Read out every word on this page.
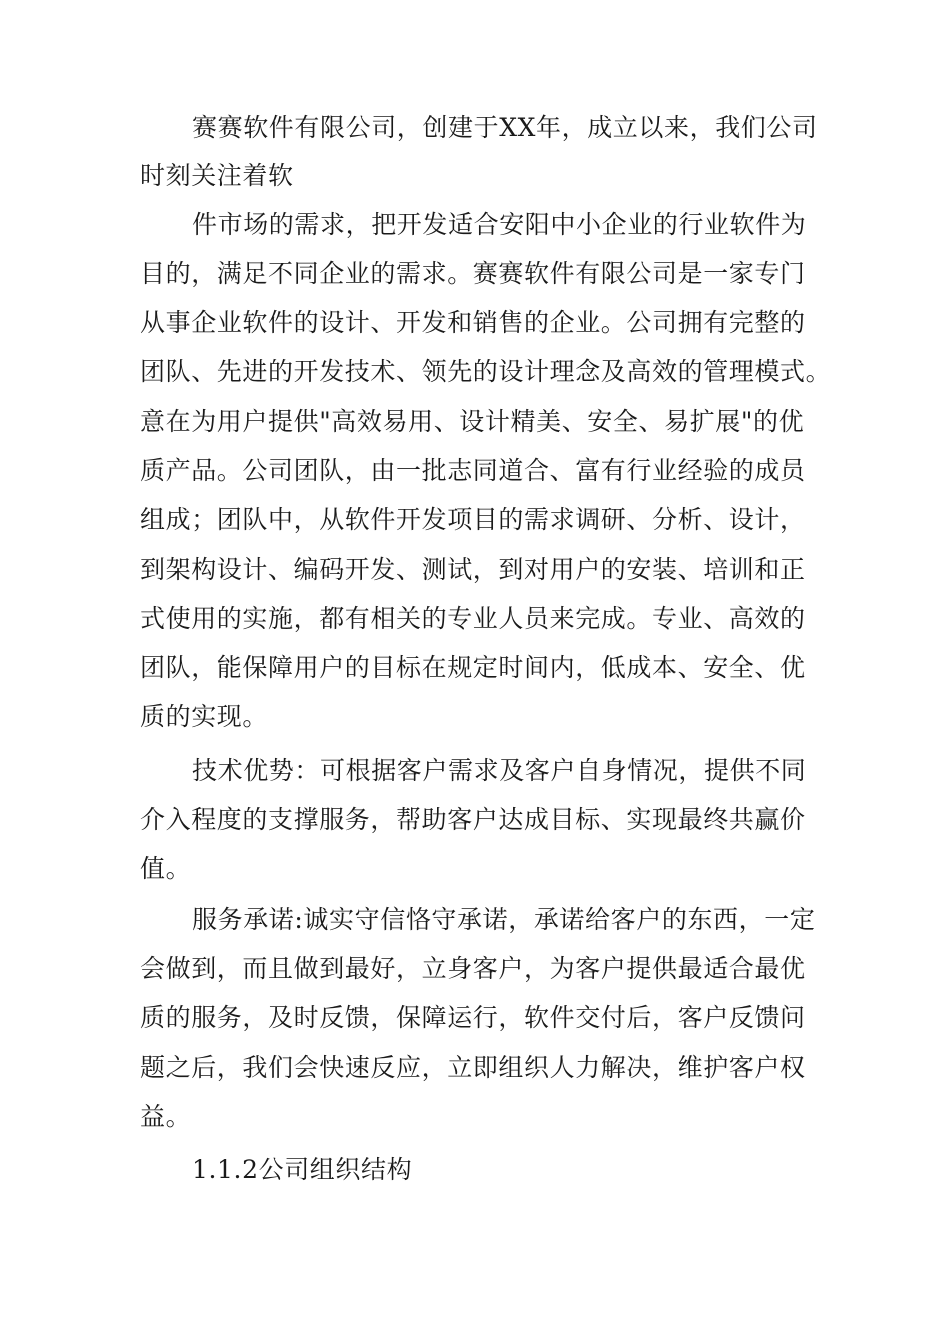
赛赛软件有限公司，创建于XX年，成立以来，我们公司
时刻关注着软
件市场的需求，把开发适合安阳中小企业的行业软件为
目的，满足不同企业的需求。赛赛软件有限公司是一家专门
从事企业软件的设计、开发和销售的企业。公司拥有完整的
团队、先进的开发技术、领先的设计理念及高效的管理模式。
意在为用户提供"高效易用、设计精美、安全、易扩展"的优
质产品。公司团队，由一批志同道合、富有行业经验的成员
组成；团队中，从软件开发项目的需求调研、分析、设计，
到架构设计、编码开发、测试，到对用户的安装、培训和正
式使用的实施，都有相关的专业人员来完成。专业、高效的
团队，能保障用户的目标在规定时间内，低成本、安全、优
质的实现。
技术优势：可根据客户需求及客户自身情况，提供不同
介入程度的支撑服务，帮助客户达成目标、实现最终共赢价
值。
服务承诺:诚实守信恪守承诺，承诺给客户的东西，一定
会做到，而且做到最好，立身客户，为客户提供最适合最优
质的服务，及时反馈，保障运行，软件交付后，客户反馈问
题之后，我们会快速反应，立即组织人力解决，维护客户权
益。
1.1.2公司组织结构
